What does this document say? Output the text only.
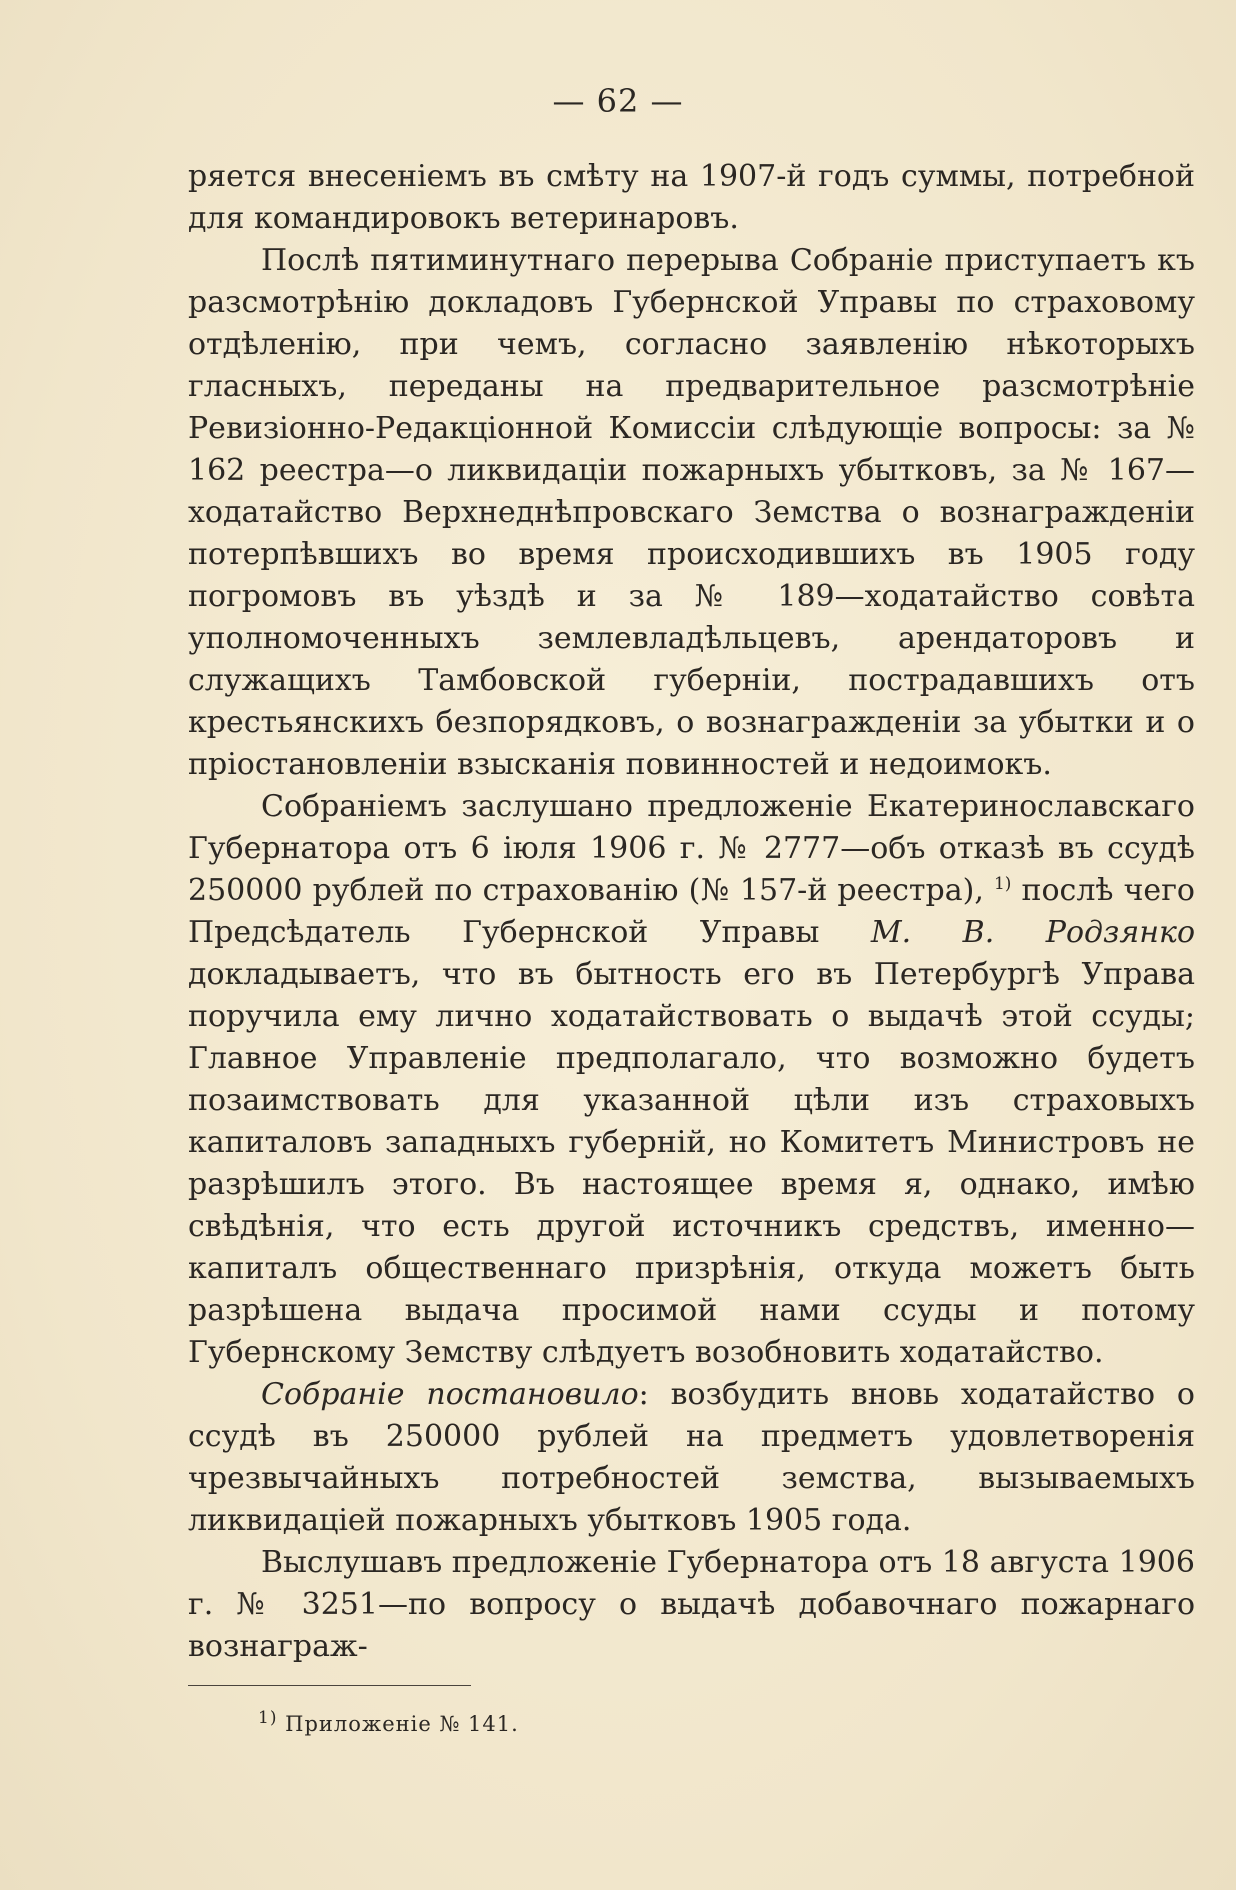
— 62 —

ряется внесеніемъ въ смѣту на 1907-й годъ суммы, потребной для командировокъ ветеринаровъ.

Послѣ пятиминутнаго перерыва Собраніе приступаетъ къ разсмотрѣнію докладовъ Губернской Управы по страховому отдѣленію, при чемъ, согласно заявленію нѣкоторыхъ гласныхъ, переданы на предварительное разсмотрѣніе Ревизіонно-Редакціонной Комиссіи слѣдующіе вопросы: за № 162 реестра—о ликвидаціи пожарныхъ убытковъ, за № 167—ходатайство Верхнеднѣпровскаго Земства о вознагражденіи потерпѣвшихъ во время происходившихъ въ 1905 году погромовъ въ уѣздѣ и за № 189—ходатайство совѣта уполномоченныхъ землевладѣльцевъ, арендаторовъ и служащихъ Тамбовской губерніи, пострадавшихъ отъ крестьянскихъ безпорядковъ, о вознагражденіи за убытки и о пріостановленіи взысканія повинностей и недоимокъ.

Собраніемъ заслушано предложеніе Екатеринославскаго Губернатора отъ 6 іюля 1906 г. № 2777—объ отказѣ въ ссудѣ 250000 рублей по страхованію (№ 157-й реестра), $^{1)}$ послѣ чего Предсѣдатель Губернской Управы М. В. Родзянко докладываетъ, что въ бытность его въ Петербургѣ Управа поручила ему лично ходатайствовать о выдачѣ этой ссуды; Главное Управленіе предполагало, что возможно будетъ позаимствовать для указанной цѣли изъ страховыхъ капиталовъ западныхъ губерній, но Комитетъ Министровъ не разрѣшилъ этого. Въ настоящее время я, однако, имѣю свѣдѣнія, что есть другой источникъ средствъ, именно—капиталъ общественнаго призрѣнія, откуда можетъ быть разрѣшена выдача просимой нами ссуды и потому Губернскому Земству слѣдуетъ возобновить ходатайство.

Собраніе постановило: возбудить вновь ходатайство о ссудѣ въ 250000 рублей на предметъ удовлетворенія чрезвычайныхъ потребностей земства, вызываемыхъ ликвидаціей пожарныхъ убытковъ 1905 года.

Выслушавъ предложеніе Губернатора отъ 18 августа 1906 г. № 3251—по вопросу о выдачѣ добавочнаго пожарнаго вознаграж-

$^{1)}$ Приложеніе № 141.
